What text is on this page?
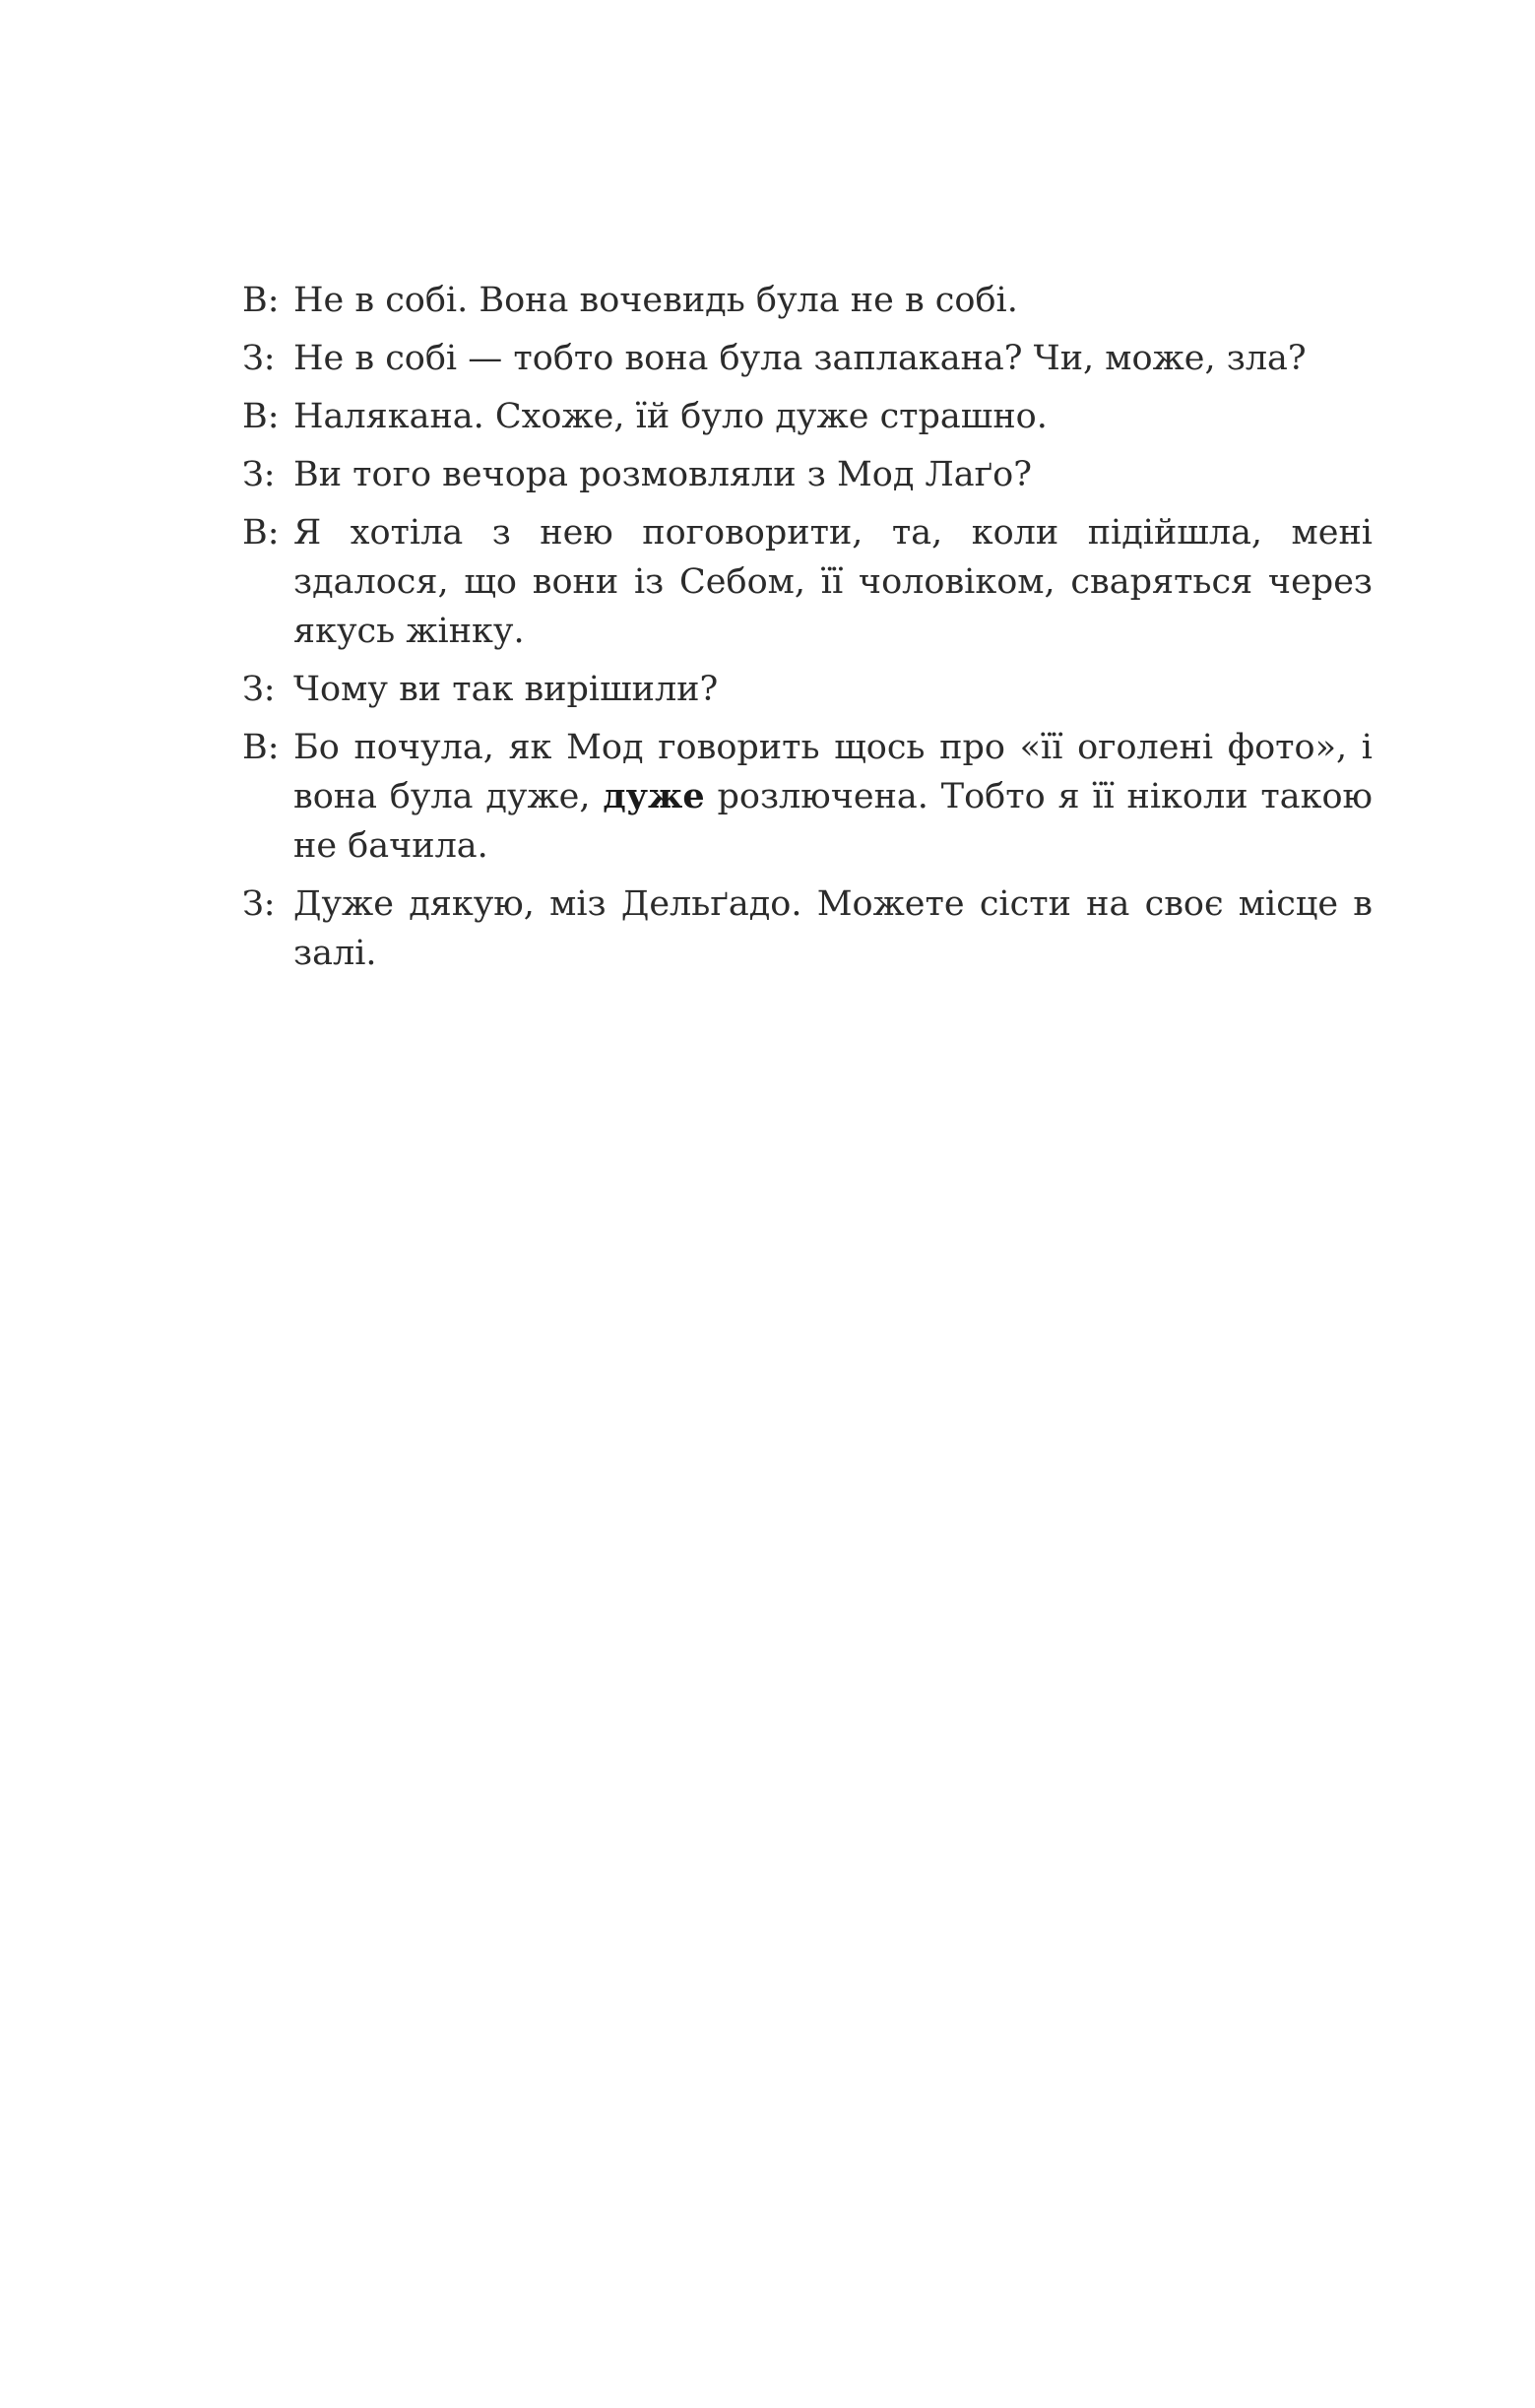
В: Не в собі. Вона вочевидь була не в собі.
З: Не в собі — тобто вона була заплакана? Чи, може, зла?
В: Налякана. Схоже, їй було дуже страшно.
З: Ви того вечора розмовляли з Мод Лаґо?
В: Я хотіла з нею поговорити, та, коли підійшла, мені здалося, що вони із Себом, її чоловіком, сваряться через якусь жінку.
З: Чому ви так вирішили?
В: Бо почула, як Мод говорить щось про «її оголені фото», і вона була дуже, дуже розлючена. Тобто я її ніколи такою не бачила.
З: Дуже дякую, міз Дельґадо. Можете сісти на своє місце в залі.
